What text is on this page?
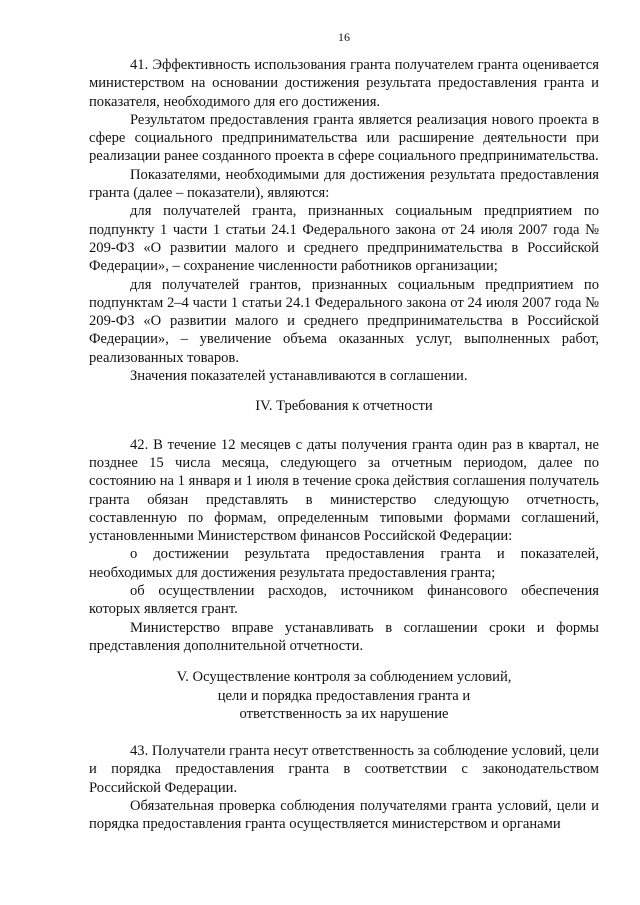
16

41. Эффективность использования гранта получателем гранта оценивается министерством на основании достижения результата предоставления гранта и показателя, необходимого для его достижения.

Результатом предоставления гранта является реализация нового проекта в сфере социального предпринимательства или расширение деятельности при реализации ранее созданного проекта в сфере социального предпринимательства.

Показателями, необходимыми для достижения результата предоставления гранта (далее – показатели), являются:

для получателей гранта, признанных социальным предприятием по подпункту 1 части 1 статьи 24.1 Федерального закона от 24 июля 2007 года № 209-ФЗ «О развитии малого и среднего предпринимательства в Российской Федерации», – сохранение численности работников организации;

для получателей грантов, признанных социальным предприятием по подпунктам 2–4 части 1 статьи 24.1 Федерального закона от 24 июля 2007 года № 209-ФЗ «О развитии малого и среднего предпринимательства в Российской Федерации», – увеличение объема оказанных услуг, выполненных работ, реализованных товаров.

Значения показателей устанавливаются в соглашении.

IV. Требования к отчетности

42. В течение 12 месяцев с даты получения гранта один раз в квартал, не позднее 15 числа месяца, следующего за отчетным периодом, далее по состоянию на 1 января и 1 июля в течение срока действия соглашения получатель гранта обязан представлять в министерство следующую отчетность, составленную по формам, определенным типовыми формами соглашений, установленными Министерством финансов Российской Федерации:

о достижении результата предоставления гранта и показателей, необходимых для достижения результата предоставления гранта;

об осуществлении расходов, источником финансового обеспечения которых является грант.

Министерство вправе устанавливать в соглашении сроки и формы представления дополнительной отчетности.

V. Осуществление контроля за соблюдением условий,

цели и порядка предоставления гранта и

ответственность за их нарушение

43. Получатели гранта несут ответственность за соблюдение условий, цели и порядка предоставления гранта в соответствии с законодательством Российской Федерации.

Обязательная проверка соблюдения получателями гранта условий, цели и порядка предоставления гранта осуществляется министерством и органами
